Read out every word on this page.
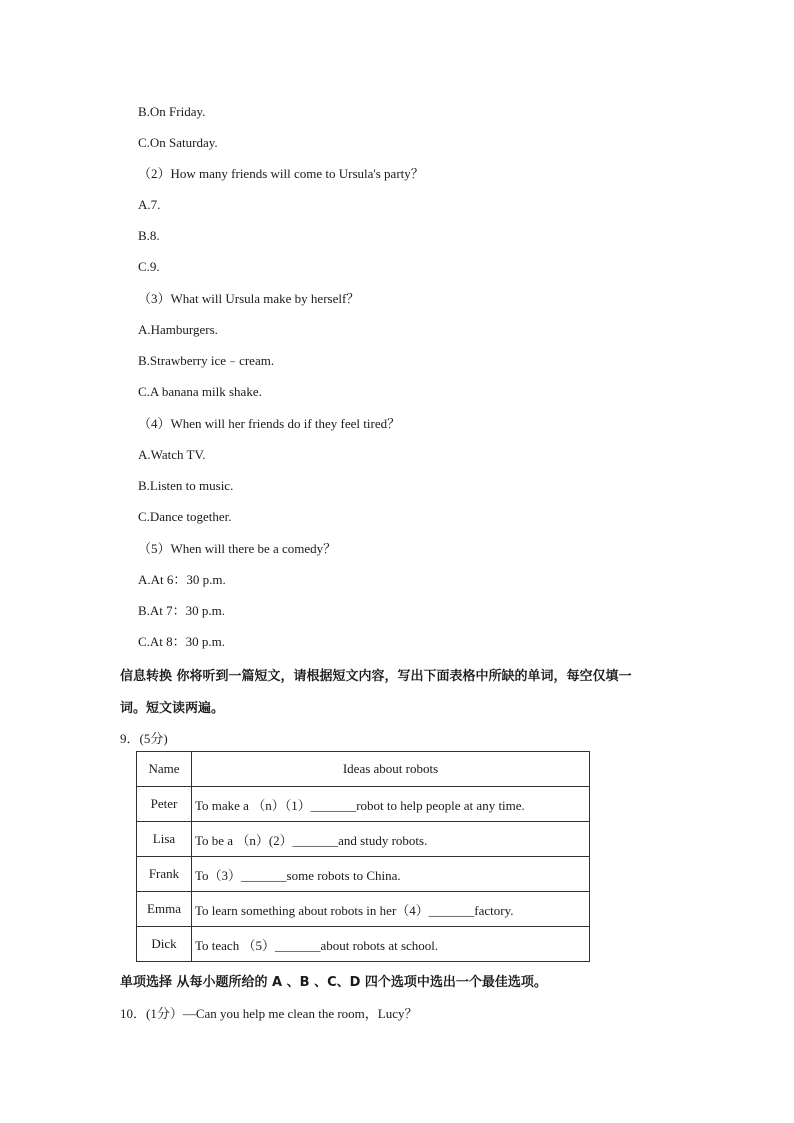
B.On Friday.
C.On Saturday.
（2）How many friends will come to Ursula's party？
A.7.
B.8.
C.9.
（3）What will Ursula make by herself？
A.Hamburgers.
B.Strawberry ice﹣cream.
C.A banana milk shake.
（4）When will her friends do if they feel tired？
A.Watch TV.
B.Listen to music.
C.Dance together.
（5）When will there be a comedy？
A.At 6：30 p.m.
B.At 7：30 p.m.
C.At 8：30 p.m.
信息转换 你将听到一篇短文，请根据短文内容，写出下面表格中所缺的单词，每空仅填一
词。短文读两遍。
9．(5分)
Name	Ideas about robots
Peter	To make a （n）（1）_______robot to help people at any time.
Lisa	To be a （n）(2）_______and study robots.
Frank	To（3）_______some robots to China.
Emma	To learn something about robots in her（4）_______factory.
Dick	To teach （5）_______about robots at school.
单项选择 从每小题所给的 A 、B 、C、D 四个选项中选出一个最佳选项。
10．(1分）—Can you help me clean the room，Lucy？
